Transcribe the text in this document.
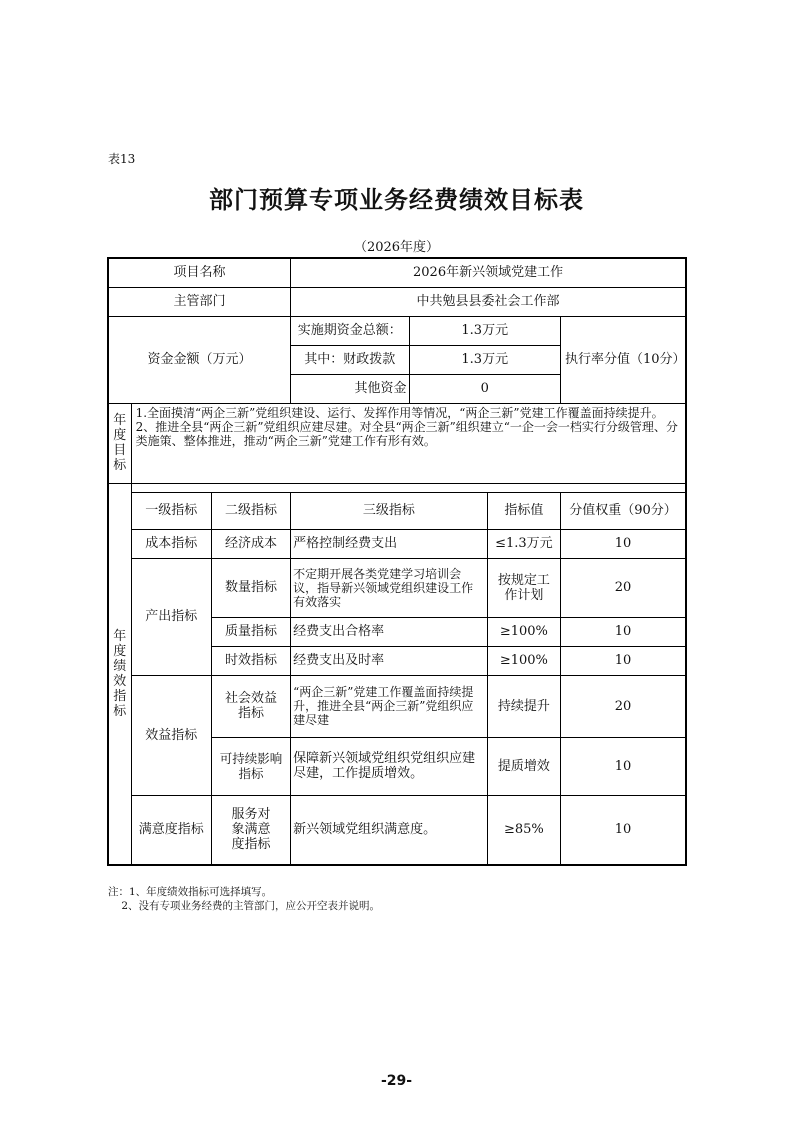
表13
部门预算专项业务经费绩效目标表
（2026年度）
项目名称			2026年新兴领域党建工作			
主管部门			中共勉县县委社会工作部			
资金金额（万元）			实施期资金总额：	1.3万元		执行率分值（10分）
			其中：财政拨款	1.3万元		
			其他资金	0		
年度目标	1.全面摸清“两企三新”党组织建设、运行、发挥作用等情况，“两企三新”党建工作覆盖面持续提升。2、推进全县“两企三新”党组织应建尽建。对全县“两企三新”组织建立“一企一会一档实行分级管理、分类施策、整体推进，推动“两企三新”党建工作有形有效。					
年度绩效指标						
	一级指标	二级指标	三级指标		指标值	分值权重（90分）
	成本指标	经济成本	严格控制经费支出		≤1.3万元	10
	产出指标	数量指标	不定期开展各类党建学习培训会议，指导新兴领域党组织建设工作有效落实		按规定工作计划	20
		质量指标	经费支出合格率		≥100%	10
		时效指标	经费支出及时率		≥100%	10
	效益指标	社会效益指标	“两企三新”党建工作覆盖面持续提升，推进全县“两企三新”党组织应建尽建		持续提升	20
		可持续影响指标	保障新兴领域党组织党组织应建尽建，工作提质增效。		提质增效	10
	满意度指标	服务对象满意度指标	新兴领域党组织满意度。		≥85%	10
注：1、年度绩效指标可选择填写。
2、没有专项业务经费的主管部门，应公开空表并说明。
-29-
